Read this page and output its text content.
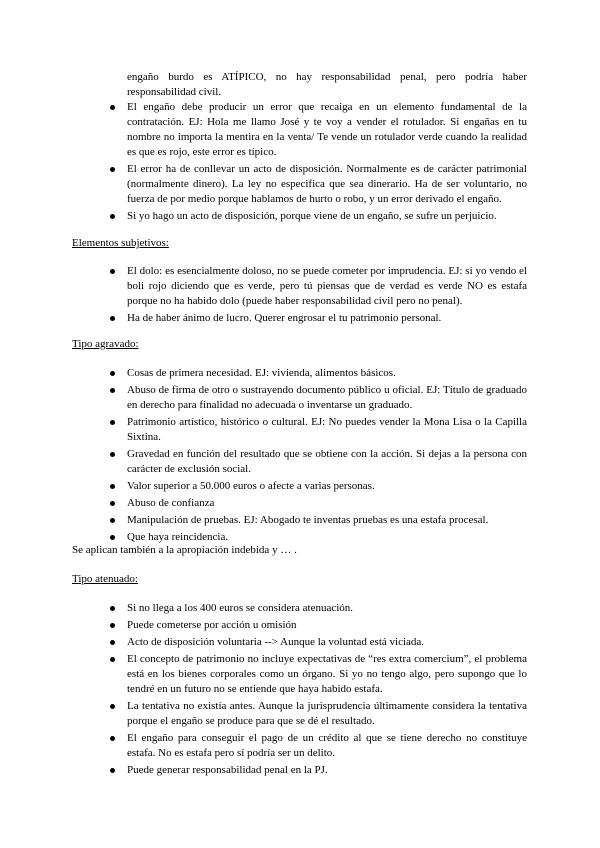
engaño burdo es ATÍPICO, no hay responsabilidad penal, pero podría haber responsabilidad civil.

El engaño debe producir un error que recaiga en un elemento fundamental de la contratación. EJ: Hola me llamo José y te voy a vender el rotulador. Si engañas en tu nombre no importa la mentira en la venta/ Te vende un rotulador verde cuando la realidad es que es rojo, este error es típico.
El error ha de conllevar un acto de disposición. Normalmente es de carácter patrimonial (normalmente dinero). La ley no especifica que sea dinerario. Ha de ser voluntario, no fuerza de por medio porque hablamos de hurto o robo, y un error derivado el engaño.
Si yo hago un acto de disposición, porque viene de un engaño, se sufre un perjuicio.

Elementos subjetivos:

El dolo: es esencialmente doloso, no se puede cometer por imprudencia. EJ: si yo vendo el boli rojo diciendo que es verde, pero tú piensas que de verdad es verde NO es estafa porque no ha habido dolo (puede haber responsabilidad civil pero no penal).
Ha de haber ánimo de lucro. Querer engrosar el tu patrimonio personal.

Tipo agravado:

Cosas de primera necesidad. EJ: vivienda, alimentos básicos.
Abuso de firma de otro o sustrayendo documento público u oficial. EJ: Título de graduado en derecho para finalidad no adecuada o inventarse un graduado.
Patrimonio artístico, histórico o cultural. EJ: No puedes vender la Mona Lisa o la Capilla Sixtina.
Gravedad en función del resultado que se obtiene con la acción. Si dejas a la persona con carácter de exclusión social.
Valor superior a 50.000 euros o afecte a varias personas.
Abuso de confianza
Manipulación de pruebas. EJ: Abogado te inventas pruebas es una estafa procesal.
Que haya reincidencia.

Se aplican también a la apropiación indebida y … .

Tipo atenuado:

Si no llega a los 400 euros se considera atenuación.
Puede cometerse por acción u omisión
Acto de disposición voluntaria --> Aunque la voluntad está viciada.
El concepto de patrimonio no incluye expectativas de “res extra comercium”, el problema está en los bienes corporales como un órgano. Si yo no tengo algo, pero supongo que lo tendré en un futuro no se entiende que haya habido estafa.
La tentativa no existía antes. Aunque la jurisprudencia últimamente considera la tentativa porque el engaño se produce para que se dé el resultado.
El engaño para conseguir el pago de un crédito al que se tiene derecho no constituye estafa. No es estafa pero sí podría ser un delito.
Puede generar responsabilidad penal en la PJ.
